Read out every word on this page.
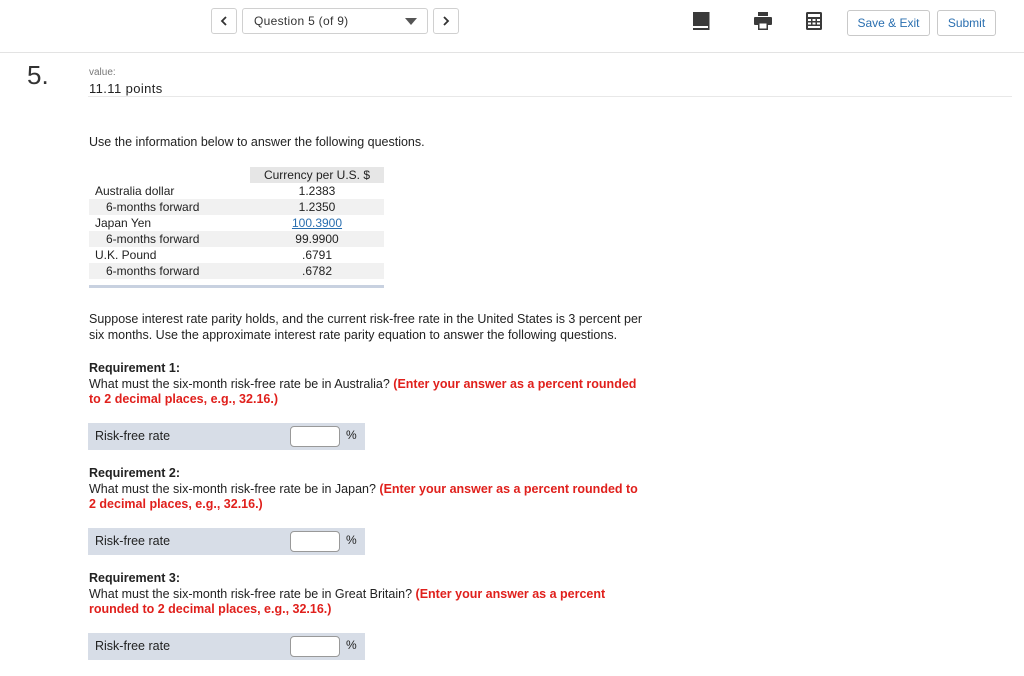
Question 5 (of 9)	Save & Exit	Submit
5.	value:
11.11 points
Use the information below to answer the following questions.
Currency per U.S. $
Australia dollar	1.2383
6-months forward	1.2350
Japan Yen	100.3900
6-months forward	99.9900
U.K. Pound	.6791
6-months forward	.6782
Suppose interest rate parity holds, and the current risk-free rate in the United States is 3 percent per
six months. Use the approximate interest rate parity equation to answer the following questions.
Requirement 1:
What must the six-month risk-free rate be in Australia? (Enter your answer as a percent rounded
to 2 decimal places, e.g., 32.16.)
Risk-free rate	%
Requirement 2:
What must the six-month risk-free rate be in Japan? (Enter your answer as a percent rounded to
2 decimal places, e.g., 32.16.)
Risk-free rate	%
Requirement 3:
What must the six-month risk-free rate be in Great Britain? (Enter your answer as a percent
rounded to 2 decimal places, e.g., 32.16.)
Risk-free rate	%
